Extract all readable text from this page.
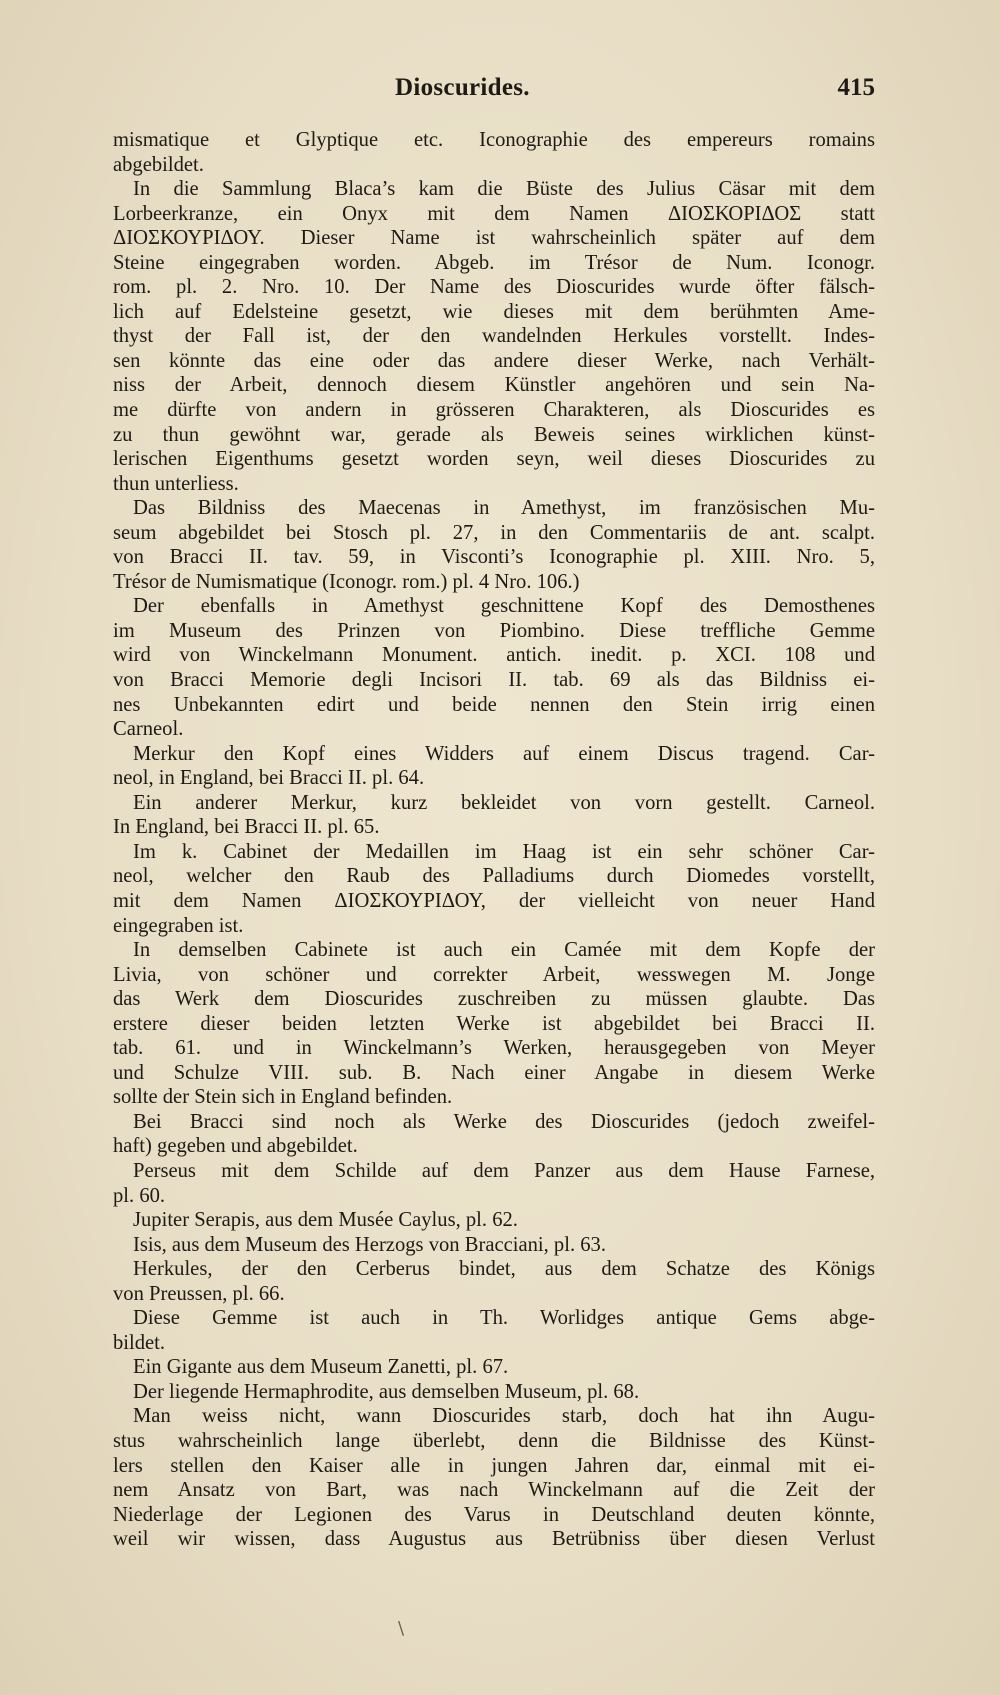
Dioscurides.	415
mismatique et Glyptique etc. Iconographie des empereurs romains
abgebildet.
In die Sammlung Blaca’s kam die Büste des Julius Cäsar mit dem
Lorbeerkranze, ein Onyx mit dem Namen ΔΙΟΣΚΟΡΙΔΟΣ statt
ΔΙΟΣΚΟΥΡΙΔΟΥ. Dieser Name ist wahrscheinlich später auf dem
Steine eingegraben worden. Abgeb. im Trésor de Num. Iconogr.
rom. pl. 2. Nro. 10. Der Name des Dioscurides wurde öfter fälsch-
lich auf Edelsteine gesetzt, wie dieses mit dem berühmten Ame-
thyst der Fall ist, der den wandelnden Herkules vorstellt. Indes-
sen könnte das eine oder das andere dieser Werke, nach Verhält-
niss der Arbeit, dennoch diesem Künstler angehören und sein Na-
me dürfte von andern in grösseren Charakteren, als Dioscurides es
zu thun gewöhnt war, gerade als Beweis seines wirklichen künst-
lerischen Eigenthums gesetzt worden seyn, weil dieses Dioscurides zu
thun unterliess.
Das Bildniss des Maecenas in Amethyst, im französischen Mu-
seum abgebildet bei Stosch pl. 27, in den Commentariis de ant. scalpt.
von Bracci II. tav. 59, in Visconti’s Iconographie pl. XIII. Nro. 5,
Trésor de Numismatique (Iconogr. rom.) pl. 4 Nro. 106.)
Der ebenfalls in Amethyst geschnittene Kopf des Demosthenes
im Museum des Prinzen von Piombino. Diese treffliche Gemme
wird von Winckelmann Monument. antich. inedit. p. XCI. 108 und
von Bracci Memorie degli Incisori II. tab. 69 als das Bildniss ei-
nes Unbekannten edirt und beide nennen den Stein irrig einen
Carneol.
Merkur den Kopf eines Widders auf einem Discus tragend. Car-
neol, in England, bei Bracci II. pl. 64.
Ein anderer Merkur, kurz bekleidet von vorn gestellt. Carneol.
In England, bei Bracci II. pl. 65.
Im k. Cabinet der Medaillen im Haag ist ein sehr schöner Car-
neol, welcher den Raub des Palladiums durch Diomedes vorstellt,
mit dem Namen ΔΙΟΣΚΟΥΡΙΔΟΥ, der vielleicht von neuer Hand
eingegraben ist.
In demselben Cabinete ist auch ein Camée mit dem Kopfe der
Livia, von schöner und correkter Arbeit, wesswegen M. Jonge
das Werk dem Dioscurides zuschreiben zu müssen glaubte. Das
erstere dieser beiden letzten Werke ist abgebildet bei Bracci II.
tab. 61. und in Winckelmann’s Werken, herausgegeben von Meyer
und Schulze VIII. sub. B. Nach einer Angabe in diesem Werke
sollte der Stein sich in England befinden.
Bei Bracci sind noch als Werke des Dioscurides (jedoch zweifel-
haft) gegeben und abgebildet.
Perseus mit dem Schilde auf dem Panzer aus dem Hause Farnese,
pl. 60.
Jupiter Serapis, aus dem Musée Caylus, pl. 62.
Isis, aus dem Museum des Herzogs von Bracciani, pl. 63.
Herkules, der den Cerberus bindet, aus dem Schatze des Königs
von Preussen, pl. 66.
Diese Gemme ist auch in Th. Worlidges antique Gems abge-
bildet.
Ein Gigante aus dem Museum Zanetti, pl. 67.
Der liegende Hermaphrodite, aus demselben Museum, pl. 68.
Man weiss nicht, wann Dioscurides starb, doch hat ihn Augu-
stus wahrscheinlich lange überlebt, denn die Bildnisse des Künst-
lers stellen den Kaiser alle in jungen Jahren dar, einmal mit ei-
nem Ansatz von Bart, was nach Winckelmann auf die Zeit der
Niederlage der Legionen des Varus in Deutschland deuten könnte,
weil wir wissen, dass Augustus aus Betrübniss über diesen Verlust
\
